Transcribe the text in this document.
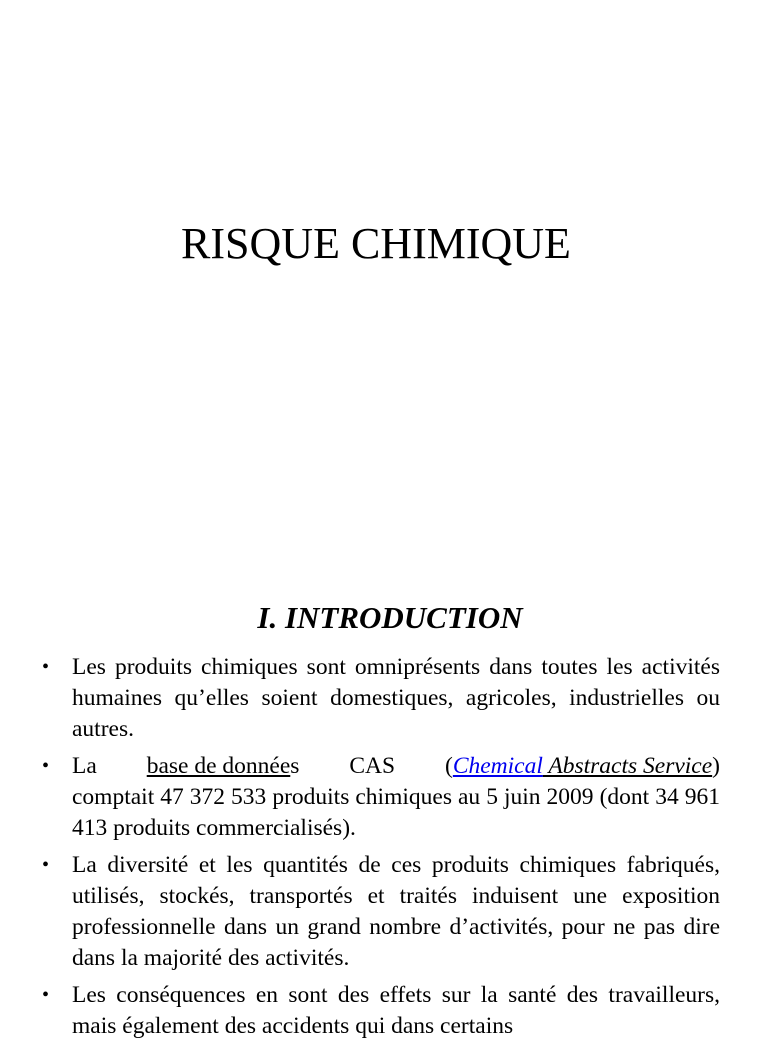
RISQUE CHIMIQUE
I. INTRODUCTION
• Les produits chimiques sont omniprésents dans toutes les activités humaines qu’elles soient domestiques, agricoles, industrielles ou autres.
• La base de données CAS (Chemical Abstracts Service)
comptait 47 372 533 produits chimiques au 5 juin 2009 (dont 34 961 413 produits commercialisés).
• La diversité et les quantités de ces produits chimiques fabriqués, utilisés, stockés, transportés et traités induisent une exposition professionnelle dans un grand nombre d’activités, pour ne pas dire dans la majorité des activités.
• Les conséquences en sont des effets sur la santé des travailleurs, mais également des accidents qui dans certains
